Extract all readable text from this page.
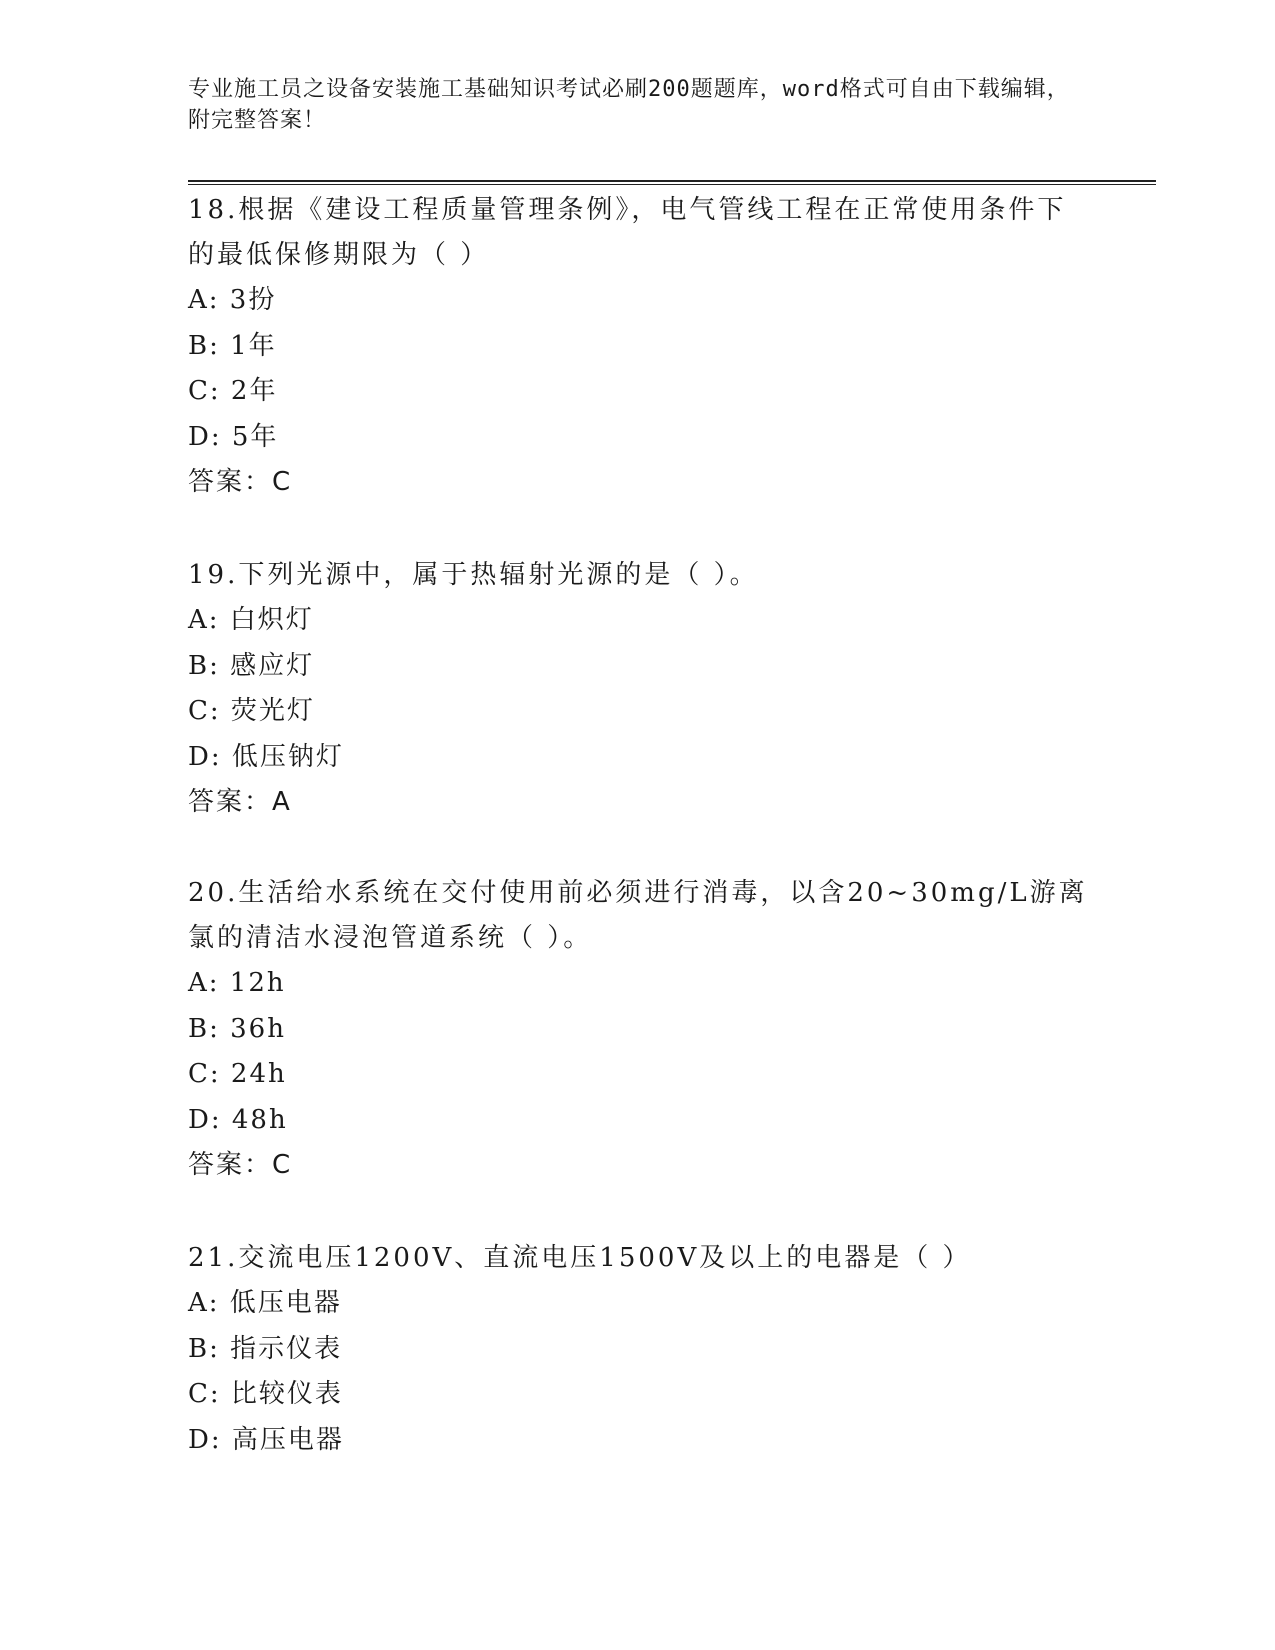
专业施工员之设备安装施工基础知识考试必刷200题题库，word格式可自由下载编辑，附完整答案！

18.根据《建设工程质量管理条例》，电气管线工程在正常使用条件下的最低保修期限为（ ）

A: 3扮

B: 1年

C: 2年

D: 5年

答案：C

19.下列光源中，属于热辐射光源的是（ ）。

A: 白炽灯

B: 感应灯

C: 荧光灯

D: 低压钠灯

答案：A

20.生活给水系统在交付使用前必须进行消毒，以含20~30mg/L游离氯的清洁水浸泡管道系统（ ）。

A: 12h

B: 36h

C: 24h

D: 48h

答案：C

21.交流电压1200V、直流电压1500V及以上的电器是（ ）

A: 低压电器

B: 指示仪表

C: 比较仪表

D: 高压电器
